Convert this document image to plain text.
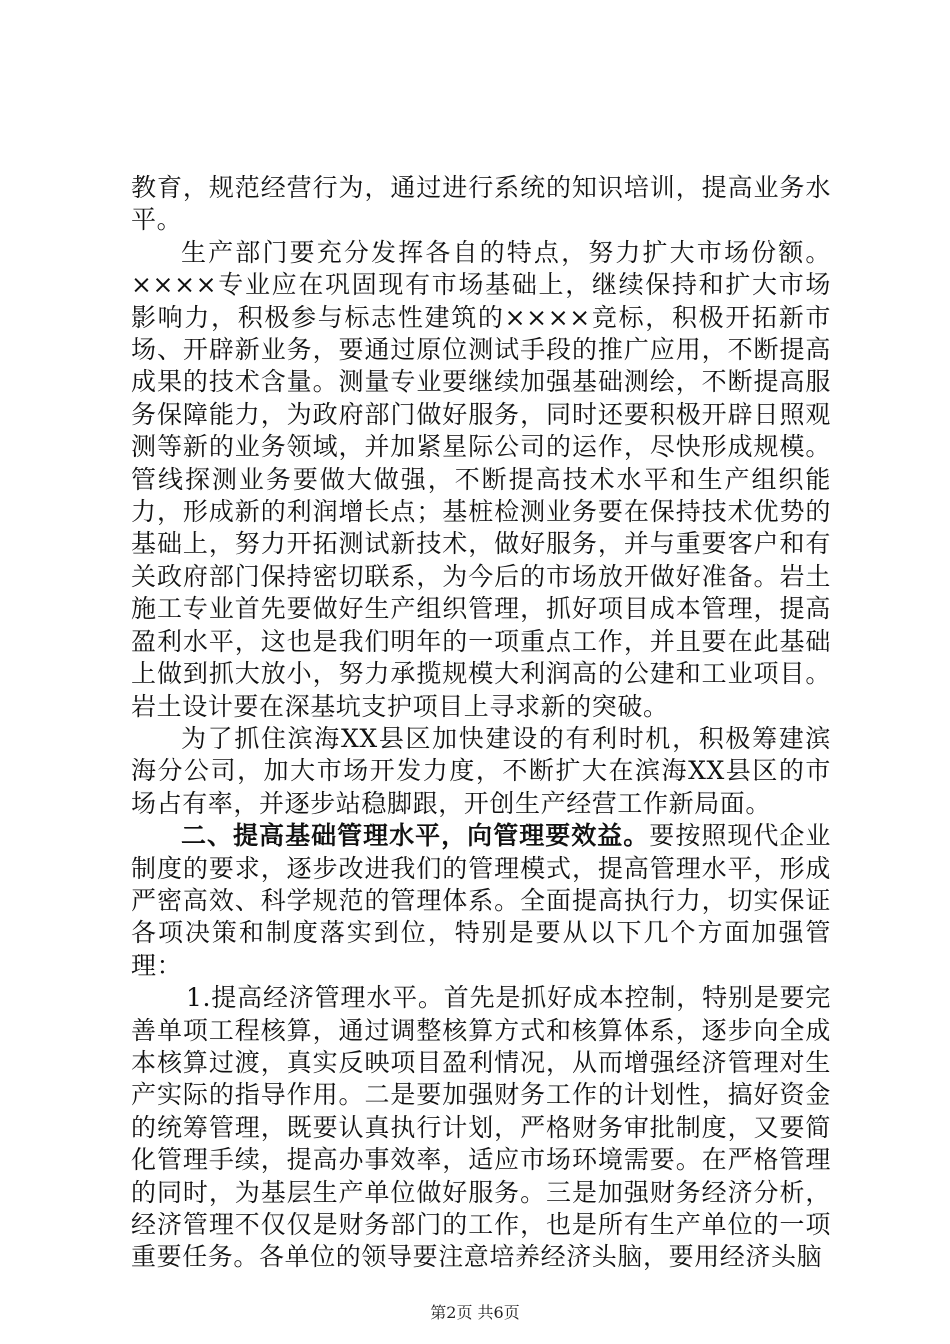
教育，规范经营行为，通过进行系统的知识培训，提高业务水平。

生产部门要充分发挥各自的特点，努力扩大市场份额。××××专业应在巩固现有市场基础上，继续保持和扩大市场影响力，积极参与标志性建筑的××××竞标，积极开拓新市场、开辟新业务，要通过原位测试手段的推广应用，不断提高成果的技术含量。测量专业要继续加强基础测绘，不断提高服务保障能力，为政府部门做好服务，同时还要积极开辟日照观测等新的业务领域，并加紧星际公司的运作，尽快形成规模。管线探测业务要做大做强，不断提高技术水平和生产组织能力，形成新的利润增长点；基桩检测业务要在保持技术优势的基础上，努力开拓测试新技术，做好服务，并与重要客户和有关政府部门保持密切联系，为今后的市场放开做好准备。岩土施工专业首先要做好生产组织管理，抓好项目成本管理，提高盈利水平，这也是我们明年的一项重点工作，并且要在此基础上做到抓大放小，努力承揽规模大利润高的公建和工业项目。岩土设计要在深基坑支护项目上寻求新的突破。

为了抓住滨海XX县区加快建设的有利时机，积极筹建滨海分公司，加大市场开发力度，不断扩大在滨海XX县区的市场占有率，并逐步站稳脚跟，开创生产经营工作新局面。

二、提高基础管理水平，向管理要效益。要按照现代企业制度的要求，逐步改进我们的管理模式，提高管理水平，形成严密高效、科学规范的管理体系。全面提高执行力，切实保证各项决策和制度落实到位，特别是要从以下几个方面加强管理：

1.提高经济管理水平。首先是抓好成本控制，特别是要完善单项工程核算，通过调整核算方式和核算体系，逐步向全成本核算过渡，真实反映项目盈利情况，从而增强经济管理对生产实际的指导作用。二是要加强财务工作的计划性，搞好资金的统筹管理，既要认真执行计划，严格财务审批制度，又要简化管理手续，提高办事效率，适应市场环境需要。在严格管理的同时，为基层生产单位做好服务。三是加强财务经济分析，经济管理不仅仅是财务部门的工作，也是所有生产单位的一项重要任务。各单位的领导要注意培养经济头脑，要用经济头脑

第2页 共6页
